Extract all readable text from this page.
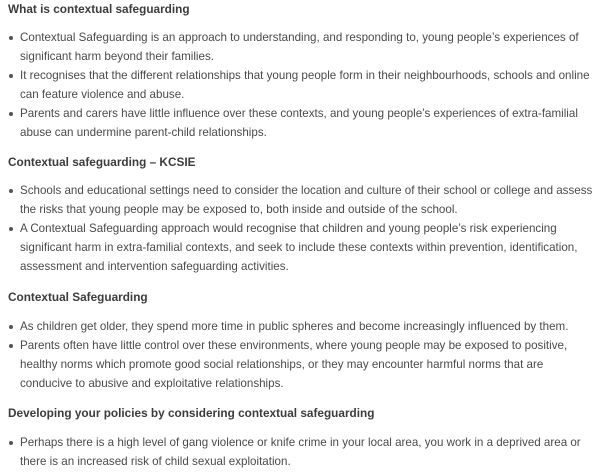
What is contextual safeguarding
Contextual Safeguarding is an approach to understanding, and responding to, young people’s experiences of significant harm beyond their families.
It recognises that the different relationships that young people form in their neighbourhoods, schools and online can feature violence and abuse.
Parents and carers have little influence over these contexts, and young people’s experiences of extra-familial abuse can undermine parent-child relationships.
Contextual safeguarding – KCSIE
Schools and educational settings need to consider the location and culture of their school or college and assess the risks that young people may be exposed to, both inside and outside of the school.
A Contextual Safeguarding approach would recognise that children and young people’s risk experiencing significant harm in extra-familial contexts, and seek to include these contexts within prevention, identification, assessment and intervention safeguarding activities.
Contextual Safeguarding
As children get older, they spend more time in public spheres and become increasingly influenced by them.
Parents often have little control over these environments, where young people may be exposed to positive, healthy norms which promote good social relationships, or they may encounter harmful norms that are conducive to abusive and exploitative relationships.
Developing your policies by considering contextual safeguarding
Perhaps there is a high level of gang violence or knife crime in your local area, you work in a deprived area or there is an increased risk of child sexual exploitation.
